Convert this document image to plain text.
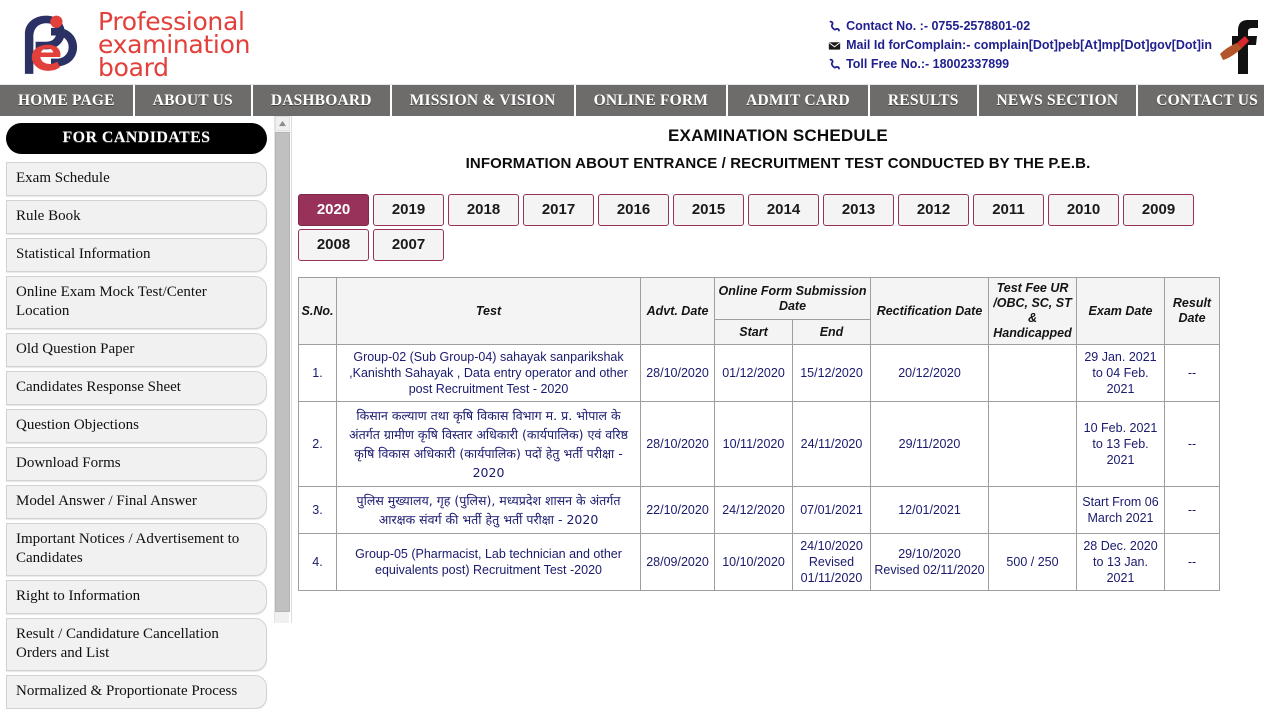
Professional
examination
board
Contact No. :- 0755-2578801-02
Mail Id forComplain:- complain[Dot]peb[At]mp[Dot]gov[Dot]in
Toll Free No.:- 18002337899
HOME PAGE	ABOUT US	DASHBOARD	MISSION & VISION	ONLINE FORM	ADMIT CARD	RESULTS	NEWS SECTION	CONTACT US
FOR CANDIDATES
Exam Schedule
Rule Book
Statistical Information
Online Exam Mock Test/Center Location
Old Question Paper
Candidates Response Sheet
Question Objections
Download Forms
Model Answer / Final Answer
Important Notices / Advertisement to Candidates
Right to Information
Result / Candidature Cancellation Orders and List
Normalized & Proportionate Process
EXAMINATION SCHEDULE
INFORMATION ABOUT ENTRANCE / RECRUITMENT TEST CONDUCTED BY THE P.E.B.
2020	2019	2018	2017	2016	2015	2014	2013	2012	2011	2010	2009
2008	2007
S.No.	Test	Advt. Date	Online Form Submission Date		Rectification Date	Test Fee UR /OBC, SC, ST & Handicapped	Exam Date	Result Date
			Start	End				
1.	Group-02 (Sub Group-04) sahayak sanparikshak ,Kanishth Sahayak , Data entry operator and other post Recruitment Test - 2020	28/10/2020	01/12/2020	15/12/2020	20/12/2020		29 Jan. 2021 to 04 Feb. 2021	--
2.	किसान कल्याण तथा कृषि विकास विभाग म. प्र. भोपाल के अंतर्गत ग्रामीण कृषि विस्तार अधिकारी (कार्यपालिक) एवं वरिष्ठ कृषि विकास अधिकारी (कार्यपालिक) पदों हेतु भर्ती परीक्षा - 2020	28/10/2020	10/11/2020	24/11/2020	29/11/2020		10 Feb. 2021 to 13 Feb. 2021	--
3.	पुलिस मुख्यालय, गृह (पुलिस), मध्यप्रदेश शासन के अंतर्गत आरक्षक संवर्ग की भर्ती हेतु भर्ती परीक्षा - 2020	22/10/2020	24/12/2020	07/01/2021	12/01/2021		Start From 06 March 2021	--
4.	Group-05 (Pharmacist, Lab technician and other equivalents post) Recruitment Test -2020	28/09/2020	10/10/2020	24/10/2020 Revised 01/11/2020	29/10/2020 Revised 02/11/2020	500 / 250	28 Dec. 2020 to 13 Jan. 2021	--
